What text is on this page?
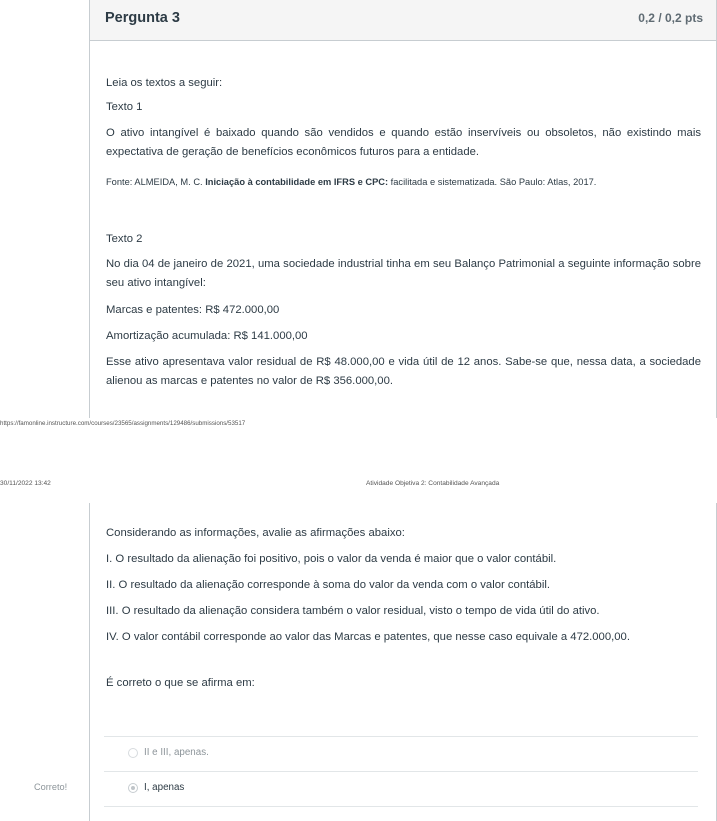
Pergunta 3	0,2 / 0,2 pts
Leia os textos a seguir:
Texto 1
O ativo intangível é baixado quando são vendidos e quando estão inservíveis ou obsoletos, não existindo mais expectativa de geração de benefícios econômicos futuros para a entidade.
Fonte: ALMEIDA, M. C. Iniciação à contabilidade em IFRS e CPC: facilitada e sistematizada. São Paulo: Atlas, 2017.
Texto 2
No dia 04 de janeiro de 2021, uma sociedade industrial tinha em seu Balanço Patrimonial a seguinte informação sobre seu ativo intangível:
Marcas e patentes: R$ 472.000,00
Amortização acumulada: R$ 141.000,00
Esse ativo apresentava valor residual de R$ 48.000,00 e vida útil de 12 anos. Sabe-se que, nessa data, a sociedade alienou as marcas e patentes no valor de R$ 356.000,00.
https://famonline.instructure.com/courses/23565/assignments/129486/submissions/53517
30/11/2022 13:42	Atividade Objetiva 2: Contabilidade Avançada
Considerando as informações, avalie as afirmações abaixo:
I. O resultado da alienação foi positivo, pois o valor da venda é maior que o valor contábil.
II. O resultado da alienação corresponde à soma do valor da venda com o valor contábil.
III. O resultado da alienação considera também o valor residual, visto o tempo de vida útil do ativo.
IV. O valor contábil corresponde ao valor das Marcas e patentes, que nesse caso equivale a 472.000,00.
É correto o que se afirma em:
II e III, apenas.
I, apenas
Correto!
